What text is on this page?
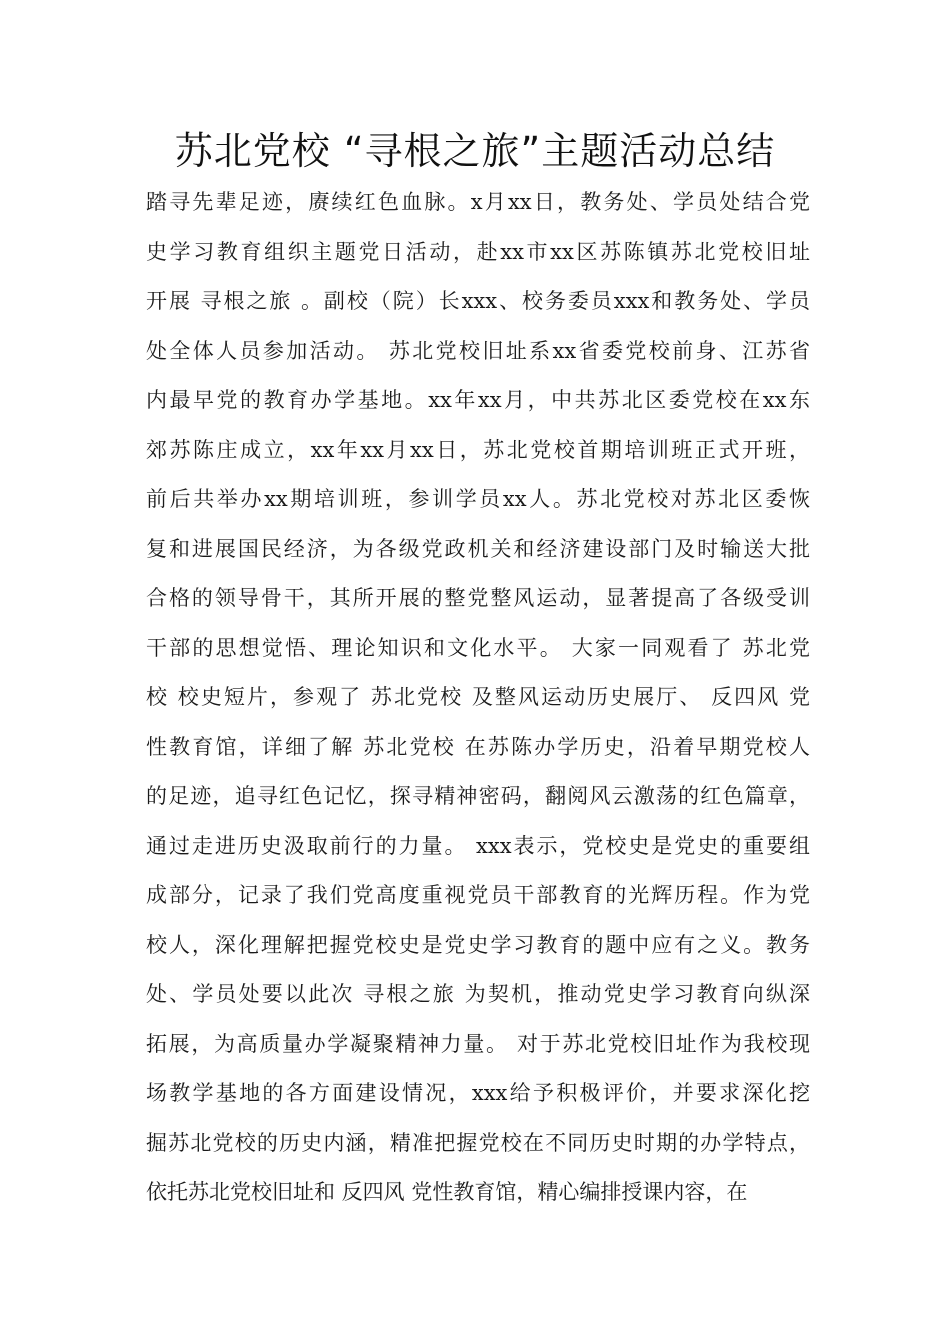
苏北党校 “寻根之旅”主题活动总结
踏寻先辈足迹，赓续红色血脉。x月xx日，教务处、学员处结合党
史学习教育组织主题党日活动，赴xx市xx区苏陈镇苏北党校旧址
开展 寻根之旅 。副校（院）长xxx、校务委员xxx和教务处、学员
处全体人员参加活动。 苏北党校旧址系xx省委党校前身、江苏省
内最早党的教育办学基地。xx年xx月，中共苏北区委党校在xx东
郊苏陈庄成立，xx年xx月xx日，苏北党校首期培训班正式开班，
前后共举办xx期培训班，参训学员xx人。苏北党校对苏北区委恢
复和进展国民经济，为各级党政机关和经济建设部门及时输送大批
合格的领导骨干，其所开展的整党整风运动，显著提高了各级受训
干部的思想觉悟、理论知识和文化水平。 大家一同观看了 苏北党
校 校史短片，参观了 苏北党校 及整风运动历史展厅、 反四风 党
性教育馆，详细了解 苏北党校 在苏陈办学历史，沿着早期党校人
的足迹，追寻红色记忆，探寻精神密码，翻阅风云激荡的红色篇章，
通过走进历史汲取前行的力量。 xxx表示，党校史是党史的重要组
成部分，记录了我们党高度重视党员干部教育的光辉历程。作为党
校人，深化理解把握党校史是党史学习教育的题中应有之义。教务
处、学员处要以此次 寻根之旅 为契机，推动党史学习教育向纵深
拓展，为高质量办学凝聚精神力量。 对于苏北党校旧址作为我校现
场教学基地的各方面建设情况，xxx给予积极评价，并要求深化挖
掘苏北党校的历史内涵，精准把握党校在不同历史时期的办学特点，
依托苏北党校旧址和 反四风 党性教育馆，精心编排授课内容，在
